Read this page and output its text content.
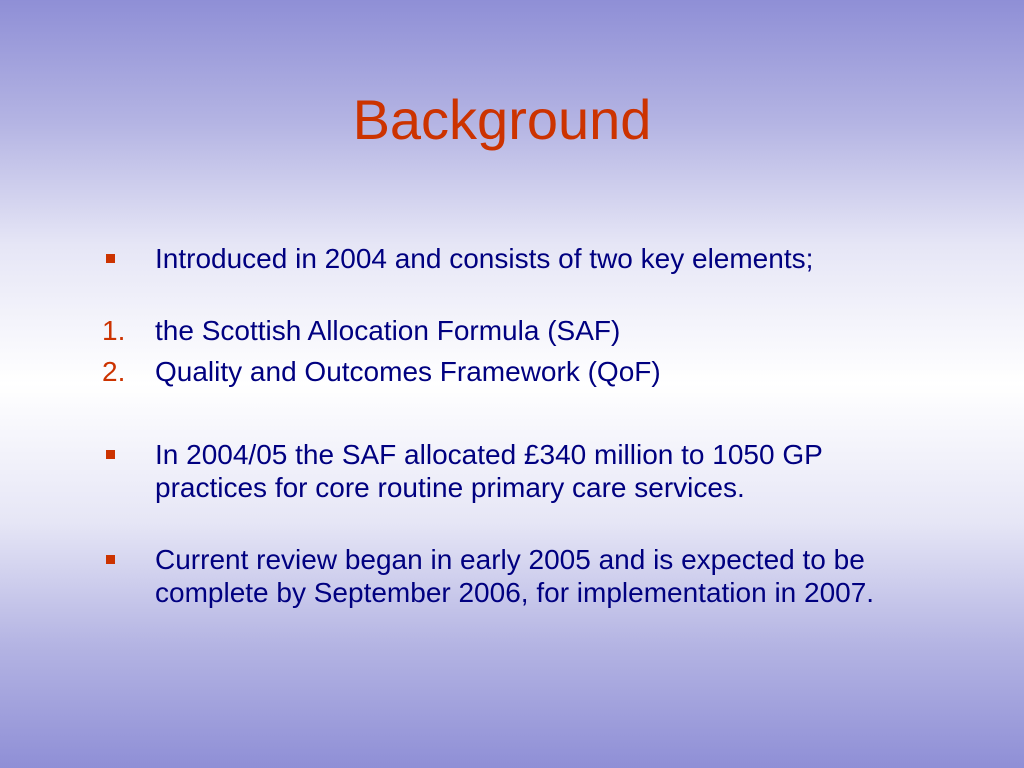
Background
Introduced in 2004 and consists of two key elements;
1. the Scottish Allocation Formula (SAF)
2. Quality and Outcomes Framework (QoF)
In 2004/05 the SAF allocated £340 million to 1050 GP practices for core routine primary care services.
Current review began in early 2005 and is expected to be complete by September 2006, for implementation in 2007.
